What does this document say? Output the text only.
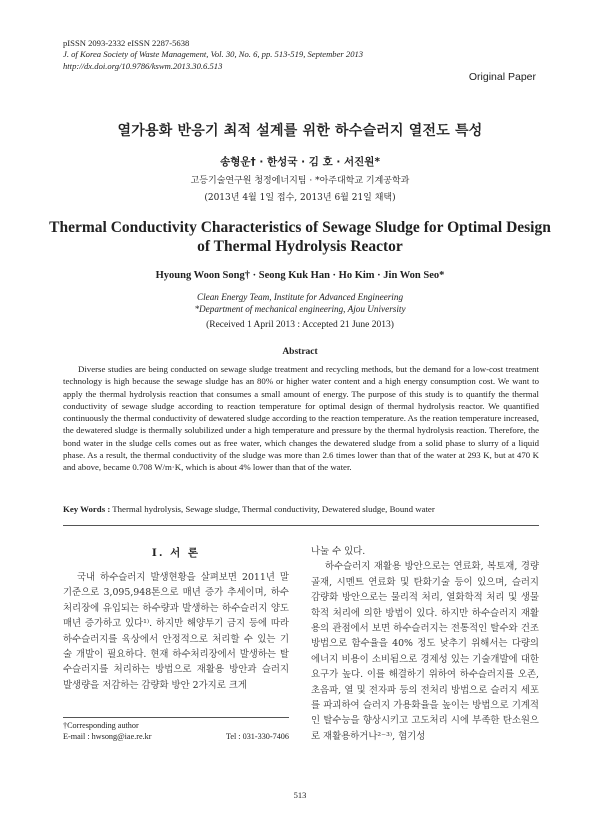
pISSN 2093-2332 eISSN 2287-5638
J. of Korea Society of Waste Management, Vol. 30, No. 6, pp. 513-519, September 2013
http://dx.doi.org/10.9786/kswm.2013.30.6.513
Original Paper
열가용화 반응기 최적 설계를 위한 하수슬러지 열전도 특성
송형운† · 한성국 · 김 호 · 서진원*
고등기술연구원 청정에너지팀 · *아주대학교 기계공학과
(2013년 4월 1일 접수, 2013년 6월 21일 채택)
Thermal Conductivity Characteristics of Sewage Sludge for Optimal Design
of Thermal Hydrolysis Reactor
Hyoung Woon Song† · Seong Kuk Han · Ho Kim · Jin Won Seo*
Clean Energy Team, Institute for Advanced Engineering
*Department of mechanical engineering, Ajou University
(Received 1 April 2013 : Accepted 21 June 2013)
Abstract
Diverse studies are being conducted on sewage sludge treatment and recycling methods, but the demand for a low-cost treatment technology is high because the sewage sludge has an 80% or higher water content and a high energy consumption cost. We want to apply the thermal hydrolysis reaction that consumes a small amount of energy. The purpose of this study is to quantify the thermal conductivity of sewage sludge according to reaction temperature for optimal design of thermal hydrolysis reactor. We quantified continuously the thermal conductivity of dewatered sludge according to the reaction temperature. As the reation temperature increased, the dewatered sludge is thermally solubilized under a high temperature and pressure by the thermal hydrolysis reaction. Therefore, the bond water in the sludge cells comes out as free water, which changes the dewatered sludge from a solid phase to slurry of a liquid phase. As a result, the thermal conductivity of the sludge was more than 2.6 times lower than that of the water at 293 K, but at 470 K and above, became 0.708 W/m·K, which is about 4% lower than that of the water.
Key Words : Thermal hydrolysis, Sewage sludge, Thermal conductivity, Dewatered sludge, Bound water
I. 서 론
국내 하수슬러지 발생현황을 살펴보면 2011년 말 기준으로 3,095,948톤으로 매년 증가 추세이며, 하수처리장에 유입되는 하수량과 발생하는 하수슬러지 양도 매년 증가하고 있다¹⁾. 하지만 해양투기 금지 등에 따라 하수슬러지를 육상에서 안정적으로 처리할 수 있는 기술 개발이 필요하다. 현재 하수처리장에서 발생하는 탈수슬러지를 처리하는 방법으로 재활용 방안과 슬러지 발생량을 저감하는 감량화 방안 2가지로 크게

나눌 수 있다.

하수슬러지 재활용 방안으로는 연료화, 복토재, 경량골재, 시멘트 연료화 및 탄화기술 등이 있으며, 슬러지 감량화 방안으로는 물리적 처리, 열화학적 처리 및 생물학적 처리에 의한 방법이 있다. 하지만 하수슬러지 재활용의 관점에서 보면 하수슬러지는 전통적인 탈수와 건조방법으로 함수율을 40% 정도 낮추기 위해서는 다량의 에너지 비용이 소비됨으로 경제성 있는 기술개발에 대한 요구가 높다. 이를 해결하기 위하여 하수슬러지를 오존, 초음파, 열 및 전자파 등의 전처리 방법으로 슬러지 세포를 파괴하여 슬러지 가용화율을 높이는 방법으로 기계적인 탈수능을 향상시키고 고도처리 시에 부족한 탄소원으로 재활용하거나²⁻³⁾, 혐기성

†Corresponding author
E-mail : hwsong@iae.re.kr	Tel : 031-330-7406
513
